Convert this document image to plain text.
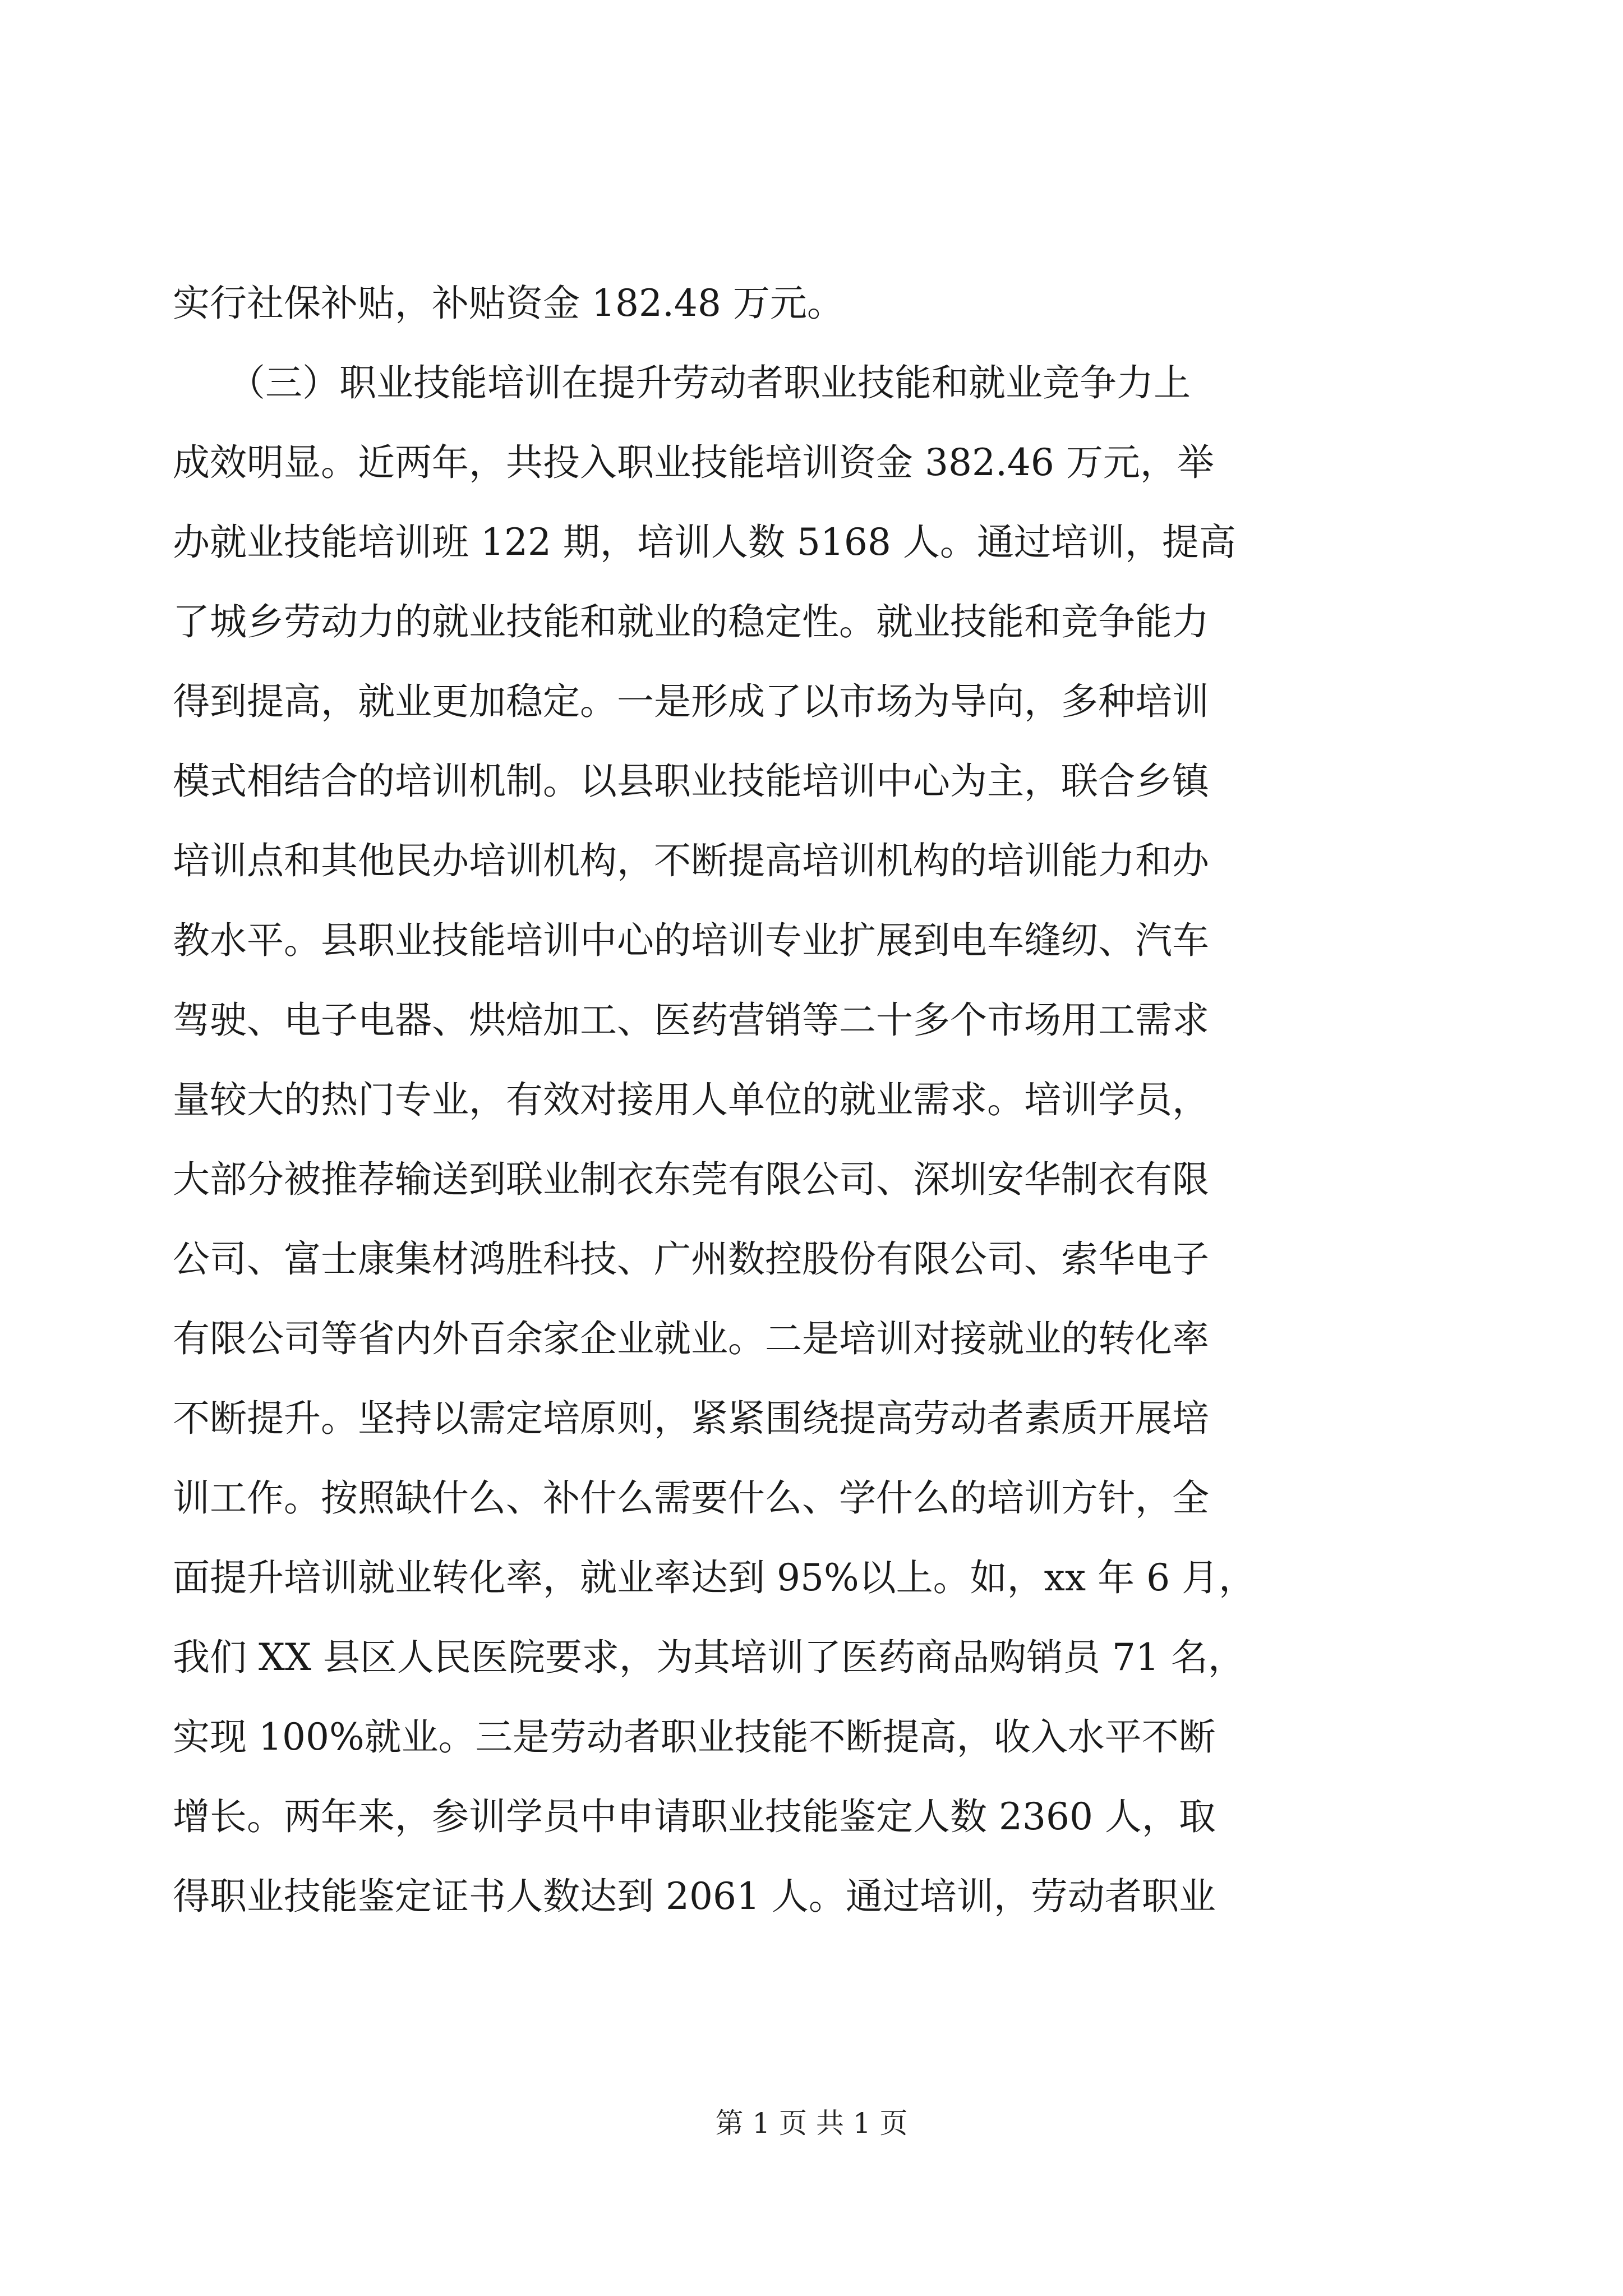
实行社保补贴，补贴资金 182.48 万元。
　　（三）职业技能培训在提升劳动者职业技能和就业竞争力上
成效明显。近两年，共投入职业技能培训资金 382.46 万元，举
办就业技能培训班 122 期，培训人数 5168 人。通过培训，提高
了城乡劳动力的就业技能和就业的稳定性。就业技能和竞争能力
得到提高，就业更加稳定。一是形成了以市场为导向，多种培训
模式相结合的培训机制。以县职业技能培训中心为主，联合乡镇
培训点和其他民办培训机构，不断提高培训机构的培训能力和办
教水平。县职业技能培训中心的培训专业扩展到电车缝纫、汽车
驾驶、电子电器、烘焙加工、医药营销等二十多个市场用工需求
量较大的热门专业，有效对接用人单位的就业需求。培训学员，
大部分被推荐输送到联业制衣东莞有限公司、深圳安华制衣有限
公司、富士康集材鸿胜科技、广州数控股份有限公司、索华电子
有限公司等省内外百余家企业就业。二是培训对接就业的转化率
不断提升。坚持以需定培原则，紧紧围绕提高劳动者素质开展培
训工作。按照缺什么、补什么需要什么、学什么的培训方针，全
面提升培训就业转化率，就业率达到 95%以上。如，xx 年 6 月，
我们 XX 县区人民医院要求，为其培训了医药商品购销员 71 名，
实现 100%就业。三是劳动者职业技能不断提高，收入水平不断
增长。两年来，参训学员中申请职业技能鉴定人数 2360 人，取
得职业技能鉴定证书人数达到 2061 人。通过培训，劳动者职业
第 1 页 共 1 页
